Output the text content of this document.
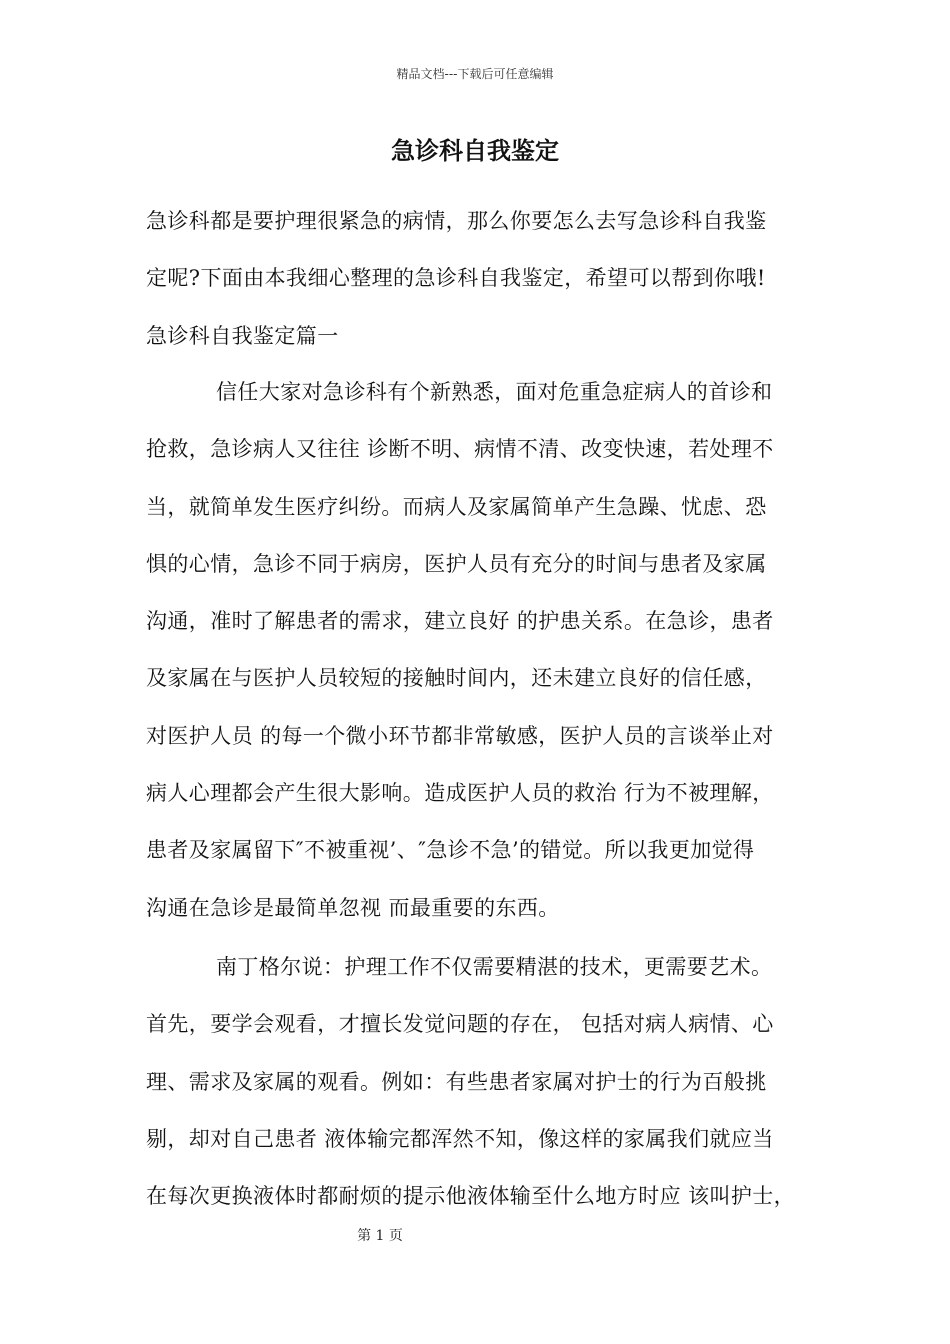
精品文档---下载后可任意编辑
急诊科自我鉴定
急诊科都是要护理很紧急的病情，那么你要怎么去写急诊科自我鉴
定呢?下面由本我细心整理的急诊科自我鉴定，希望可以帮到你哦!
急诊科自我鉴定篇一
信任大家对急诊科有个新熟悉，面对危重急症病人的首诊和
抢救，急诊病人又往往 诊断不明、病情不清、改变快速，若处理不
当，就简单发生医疗纠纷。而病人及家属简单产生急躁、忧虑、恐
惧的心情，急诊不同于病房，医护人员有充分的时间与患者及家属
沟通，准时了解患者的需求，建立良好 的护患关系。在急诊，患者
及家属在与医护人员较短的接触时间内，还未建立良好的信任感，
对医护人员 的每一个微小环节都非常敏感，医护人员的言谈举止对
病人心理都会产生很大影响。造成医护人员的救治 行为不被理解，
患者及家属留下″不被重视’、″急诊不急’的错觉。所以我更加觉得
沟通在急诊是最简单忽视 而最重要的东西。
南丁格尔说：护理工作不仅需要精湛的技术，更需要艺术。
首先，要学会观看，才擅长发觉问题的存在， 包括对病人病情、心
理、需求及家属的观看。例如：有些患者家属对护士的行为百般挑
剔，却对自己患者 液体输完都浑然不知，像这样的家属我们就应当
在每次更换液体时都耐烦的提示他液体输至什么地方时应 该叫护士，
第 1 页
